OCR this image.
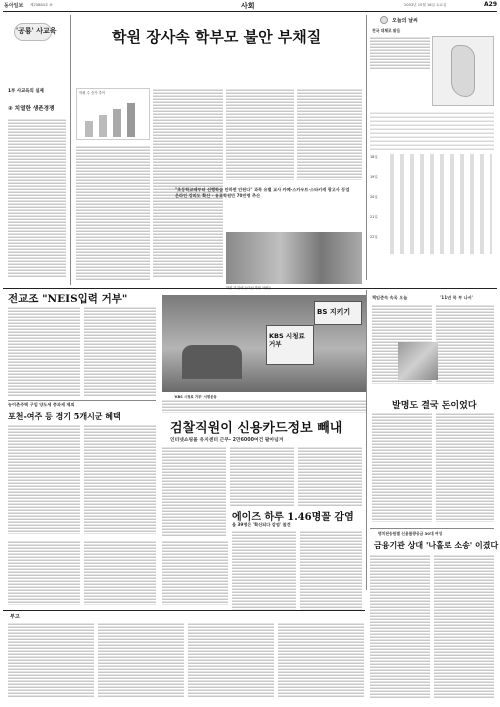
동아일보 제25884호 ⑩	사회	2003년 10월 18일 토요일	A29
'공룡' 사교육
1부 사교육의 실제
② 치열한 생존경쟁
학원 장사속 학부모 불안 부채질
학원 수 증가 추이
"초등학교때부터 선행학습 안하면 안된다" 과목 유별 교사 카페·스카우트·스타키캐 광고사 등업 온라인 강의도 확산 - 유료학원만 70만명 추산
오늘의 날씨
전국 대체로 맑음
18일
19일
20일
21일
22일
전교조 "NEIS입력 거부"
KBS 시청료 거부
BS 지키기
'KBS 시청료 거부' 서명운동
농어촌주택 구입 양도세 중과세 제외
포천-여주 등 경기 5개시군 혜택
검찰직원이 신용카드정보 빼내
인터넷쇼핑몰 유지센터 근무- 2만6000여건 팔아넘겨
에이즈 하루 1.46명꼴 감염
올 39명은 '확산되다 감염' 찰견
책임준속 속옥 오늘	'11년 목 부 나서'
발명도 결국 돈이었다
명치된송원별 신용불량공금 30대 여성
금융기관 상대 '나홀로 소송' 이겼다
부고
